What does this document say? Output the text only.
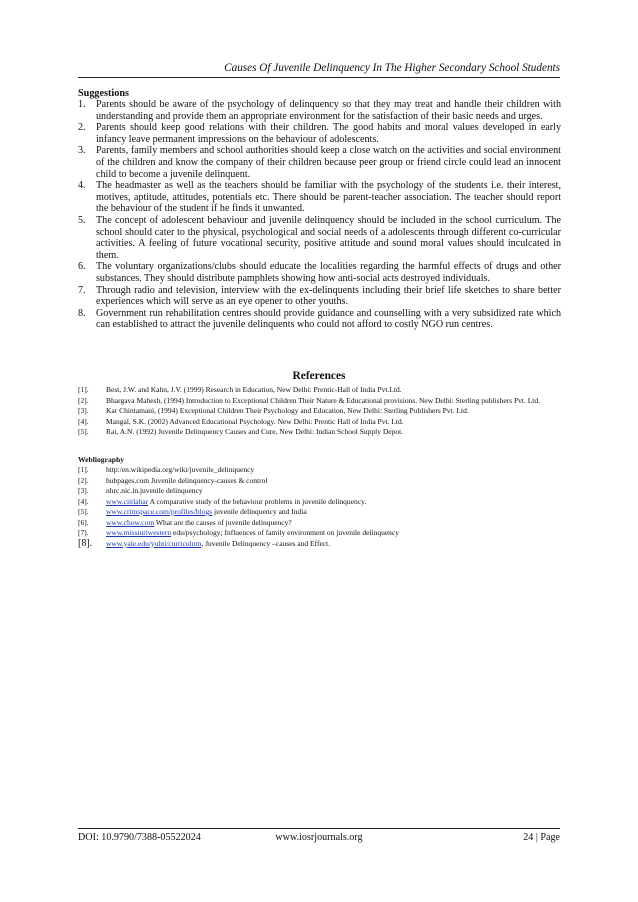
Causes Of Juvenile Delinquency In The Higher Secondary School Students
Suggestions
1. Parents should be aware of the psychology of delinquency so that they may treat and handle their children with understanding and provide them an appropriate environment for the satisfaction of their basic needs and urges.
2. Parents should keep good relations with their children. The good habits and moral values developed in early infancy leave permanent impressions on the behaviour of adolescents.
3. Parents, family members and school authorities should keep a close watch on the activities and social environment of the children and know the company of their children because peer group or friend circle could lead an innocent child to become a juvenile delinquent.
4. The headmaster as well as the teachers should be familiar with the psychology of the students i.e. their interest, motives, aptitude, attitudes, potentials etc. There should be parent-teacher association. The teacher should report the behaviour of the student if he finds it unwanted.
5. The concept of adolescent behaviour and juvenile delinquency should be included in the school curriculum. The school should cater to the physical, psychological and social needs of a adolescents through different co-curricular activities. A feeling of future vocational security, positive attitude and sound moral values should inculcated in them.
6. The voluntary organizations/clubs should educate the localities regarding the harmful effects of drugs and other substances. They should distribute pamphlets showing how anti-social acts destroyed individuals.
7. Through radio and television, interview with the ex-delinquents including their brief life sketches to share better experiences which will serve as an eye opener to other youths.
8. Government run rehabilitation centres should provide guidance and counselling with a very subsidized rate which can established to attract the juvenile delinquents who could not afford to costly NGO run centres.
References
[1]. Best, J.W. and Kahn, J.V. (1999) Research in Education, New Delhi: Prentic-Hall of India Pvt.Ltd.
[2]. Bhargava Mahesh, (1994) Introduction to Exceptional Children Their Nature & Educational provisions. New Delhi: Sterling publishers Pvt. Ltd.
[3]. Kar Chintamani, (1994) Exceptional Children Their Psychology and Education, New Delhi: Sterling Publishers Pvt. Ltd.
[4]. Mangal, S.K. (2002) Advanced Educational Psychology. New Delhi: Prentic Hall of India Pvt. Ltd.
[5]. Rai, A.N. (1992) Juvenile Delinquency Causes and Cure, New Delhi: Indian School Supply Depot.
Webliography
[1]. http:/en.wikipedia.org/wiki/juvenile_delinquency
[2]. hubpages.com Juvenile delinquency-causes & control
[3]. nhrc.nic.in.juvenile delinquency
[4]. www.ciitlahar A comparative study of the behaviour problems in juvenile delinquency.
[5]. www.crimspace.com/profiles/blogs juvenile delinquency and India
[6]. www.chow.com What are the causes of juvenile delinquency?
[7]. www.missiuriwestern edu/psychology; Influences of family environment on juvenile delinquency
[8]. www.yale.edu/yuhti/curriculum, Juvenile Delinquency –causes and Effect.
DOI: 10.9790/7388-05522024	www.iosrjournals.org	24 | Page
